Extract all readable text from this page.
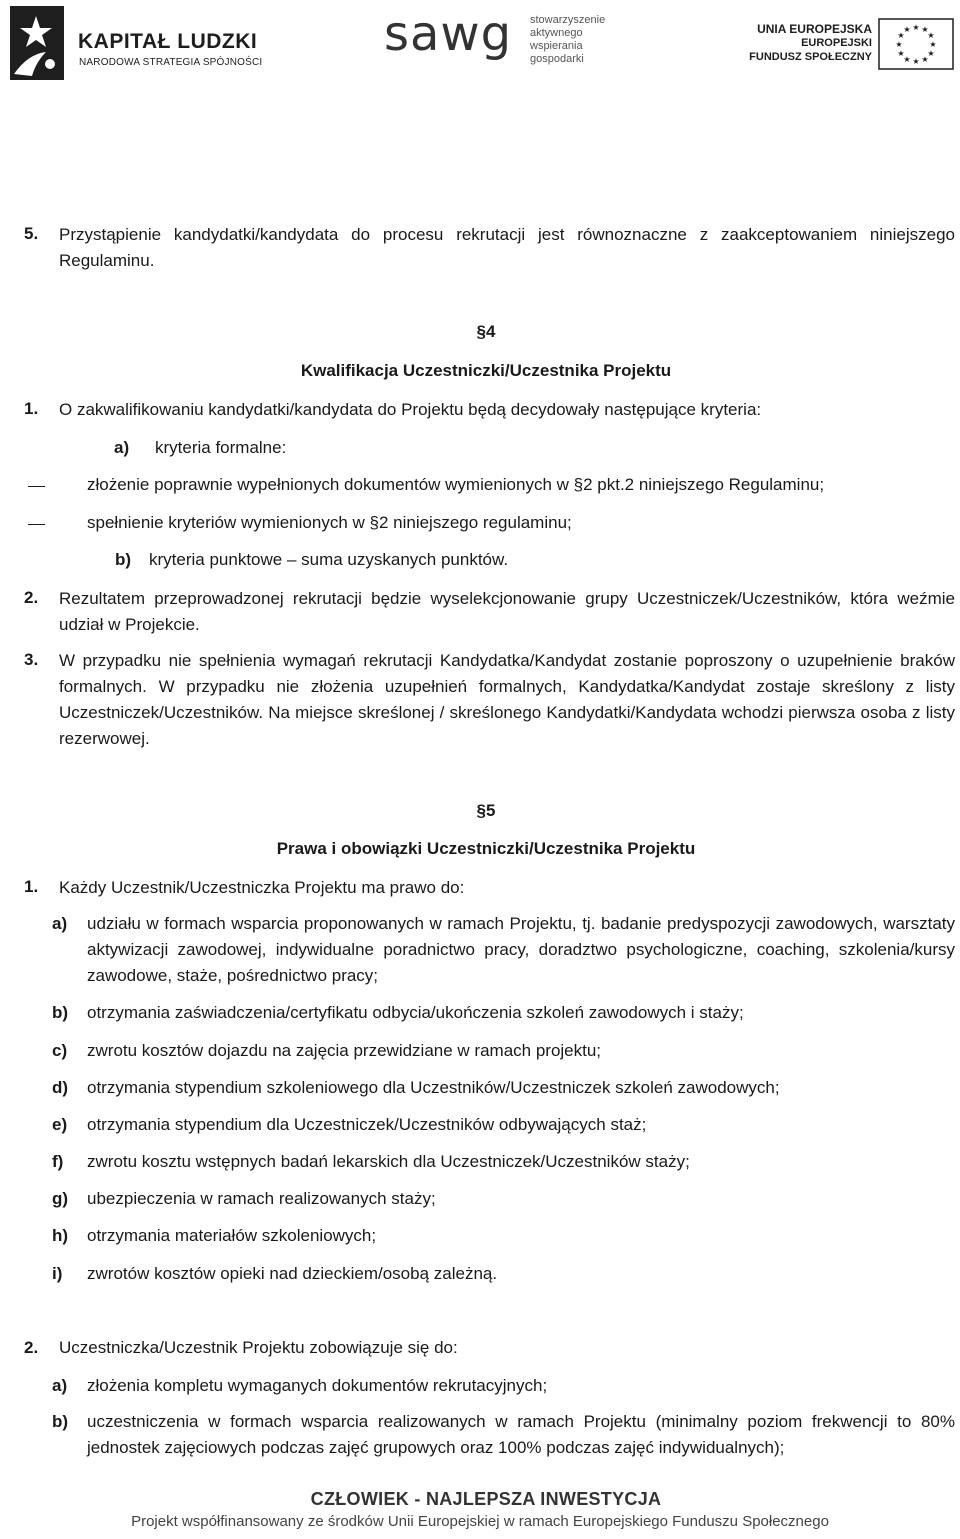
KAPITAŁ LUDZKI
NARODOWA STRATEGIA SPÓJNOŚCI
sawg stowarzyszenie
aktywnego
wspierania
gospodarki
UNIA EUROPEJSKA
EUROPEJSKI
FUNDUSZ SPOŁECZNY
★ ★
★
★
★
★
★
★
★
★
★
★
5. Przystąpienie kandydatki/kandydata do procesu rekrutacji jest równoznaczne z zaakceptowaniem niniejszego Regulaminu.
§4
Kwalifikacja Uczestniczki/Uczestnika Projektu
1. O zakwalifikowaniu kandydatki/kandydata do Projektu będą decydowały następujące kryteria:
a) kryteria formalne:
złożenie poprawnie wypełnionych dokumentów wymienionych w §2 pkt.2 niniejszego Regulaminu;
spełnienie kryteriów wymienionych w §2 niniejszego regulaminu;
b) kryteria punktowe – suma uzyskanych punktów.
2. Rezultatem przeprowadzonej rekrutacji będzie wyselekcjonowanie grupy Uczestniczek/Uczestników, która weźmie udział w Projekcie.
3. W przypadku nie spełnienia wymagań rekrutacji Kandydatka/Kandydat zostanie poproszony o uzupełnienie braków formalnych. W przypadku nie złożenia uzupełnień formalnych, Kandydatka/Kandydat zostaje skreślony z listy Uczestniczek/Uczestników. Na miejsce skreślonej / skreślonego Kandydatki/Kandydata wchodzi pierwsza osoba z listy rezerwowej.
§5
Prawa i obowiązki Uczestniczki/Uczestnika Projektu
1. Każdy Uczestnik/Uczestniczka Projektu ma prawo do:
a) udziału w formach wsparcia proponowanych w ramach Projektu, tj. badanie predyspozycji zawodowych, warsztaty aktywizacji zawodowej, indywidualne poradnictwo pracy, doradztwo psychologiczne, coaching, szkolenia/kursy zawodowe, staże, pośrednictwo pracy;
b) otrzymania zaświadczenia/certyfikatu odbycia/ukończenia szkoleń zawodowych i staży;
c) zwrotu kosztów dojazdu na zajęcia przewidziane w ramach projektu;
d) otrzymania stypendium szkoleniowego dla Uczestników/Uczestniczek szkoleń zawodowych;
e) otrzymania stypendium dla Uczestniczek/Uczestników odbywających staż;
f) zwrotu kosztu wstępnych badań lekarskich dla Uczestniczek/Uczestników staży;
g) ubezpieczenia w ramach realizowanych staży;
h) otrzymania materiałów szkoleniowych;
i) zwrotów kosztów opieki nad dzieckiem/osobą zależną.
2. Uczestniczka/Uczestnik Projektu zobowiązuje się do:
a) złożenia kompletu wymaganych dokumentów rekrutacyjnych;
b) uczestniczenia w formach wsparcia realizowanych w ramach Projektu (minimalny poziom frekwencji to 80% jednostek zajęciowych podczas zajęć grupowych oraz 100% podczas zajęć indywidualnych);
CZŁOWIEK - NAJLEPSZA INWESTYCJA
Projekt współfinansowany ze środków Unii Europejskiej w ramach Europejskiego Funduszu Społecznego
